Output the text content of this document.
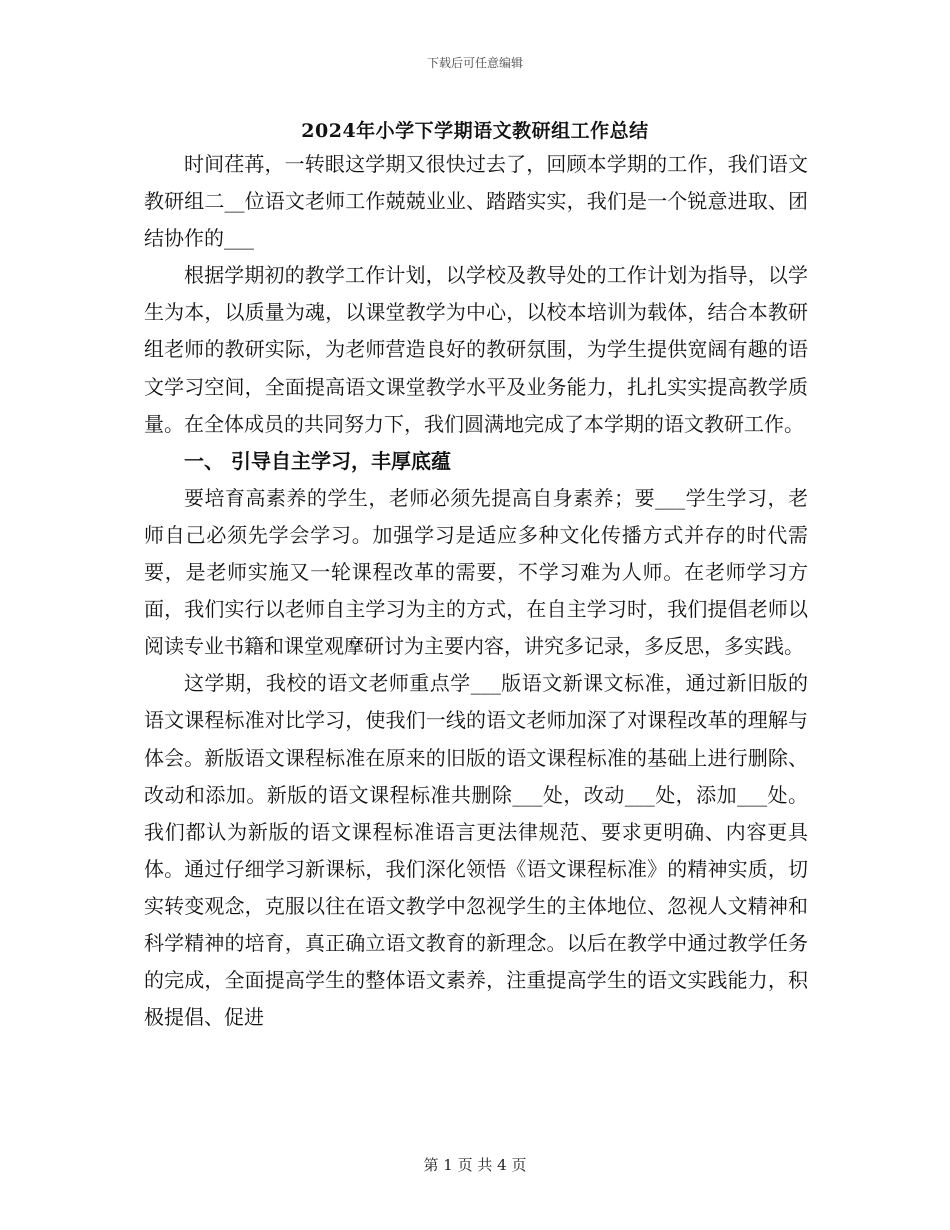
下载后可任意编辑
2024年小学下学期语文教研组工作总结

时间荏苒，一转眼这学期又很快过去了，回顾本学期的工作，我们语文教研组二__位语文老师工作兢兢业业、踏踏实实，我们是一个锐意进取、团结协作的___

根据学期初的教学工作计划，以学校及教导处的工作计划为指导，以学生为本，以质量为魂，以课堂教学为中心，以校本培训为载体，结合本教研组老师的教研实际，为老师营造良好的教研氛围，为学生提供宽阔有趣的语文学习空间，全面提高语文课堂教学水平及业务能力，扎扎实实提高教学质量。在全体成员的共同努力下，我们圆满地完成了本学期的语文教研工作。

一、 引导自主学习，丰厚底蕴

要培育高素养的学生，老师必须先提高自身素养；要___学生学习，老师自己必须先学会学习。加强学习是适应多种文化传播方式并存的时代需要，是老师实施又一轮课程改革的需要，不学习难为人师。在老师学习方面，我们实行以老师自主学习为主的方式，在自主学习时，我们提倡老师以阅读专业书籍和课堂观摩研讨为主要内容，讲究多记录，多反思，多实践。

这学期，我校的语文老师重点学___版语文新课文标准，通过新旧版的语文课程标准对比学习，使我们一线的语文老师加深了对课程改革的理解与体会。新版语文课程标准在原来的旧版的语文课程标准的基础上进行删除、改动和添加。新版的语文课程标准共删除___处，改动___处，添加___处。我们都认为新版的语文课程标准语言更法律规范、要求更明确、内容更具体。通过仔细学习新课标，我们深化领悟《语文课程标准》的精神实质，切实转变观念，克服以往在语文教学中忽视学生的主体地位、忽视人文精神和科学精神的培育，真正确立语文教育的新理念。以后在教学中通过教学任务的完成，全面提高学生的整体语文素养，注重提高学生的语文实践能力，积极提倡、促进

第 1 页 共 4 页
